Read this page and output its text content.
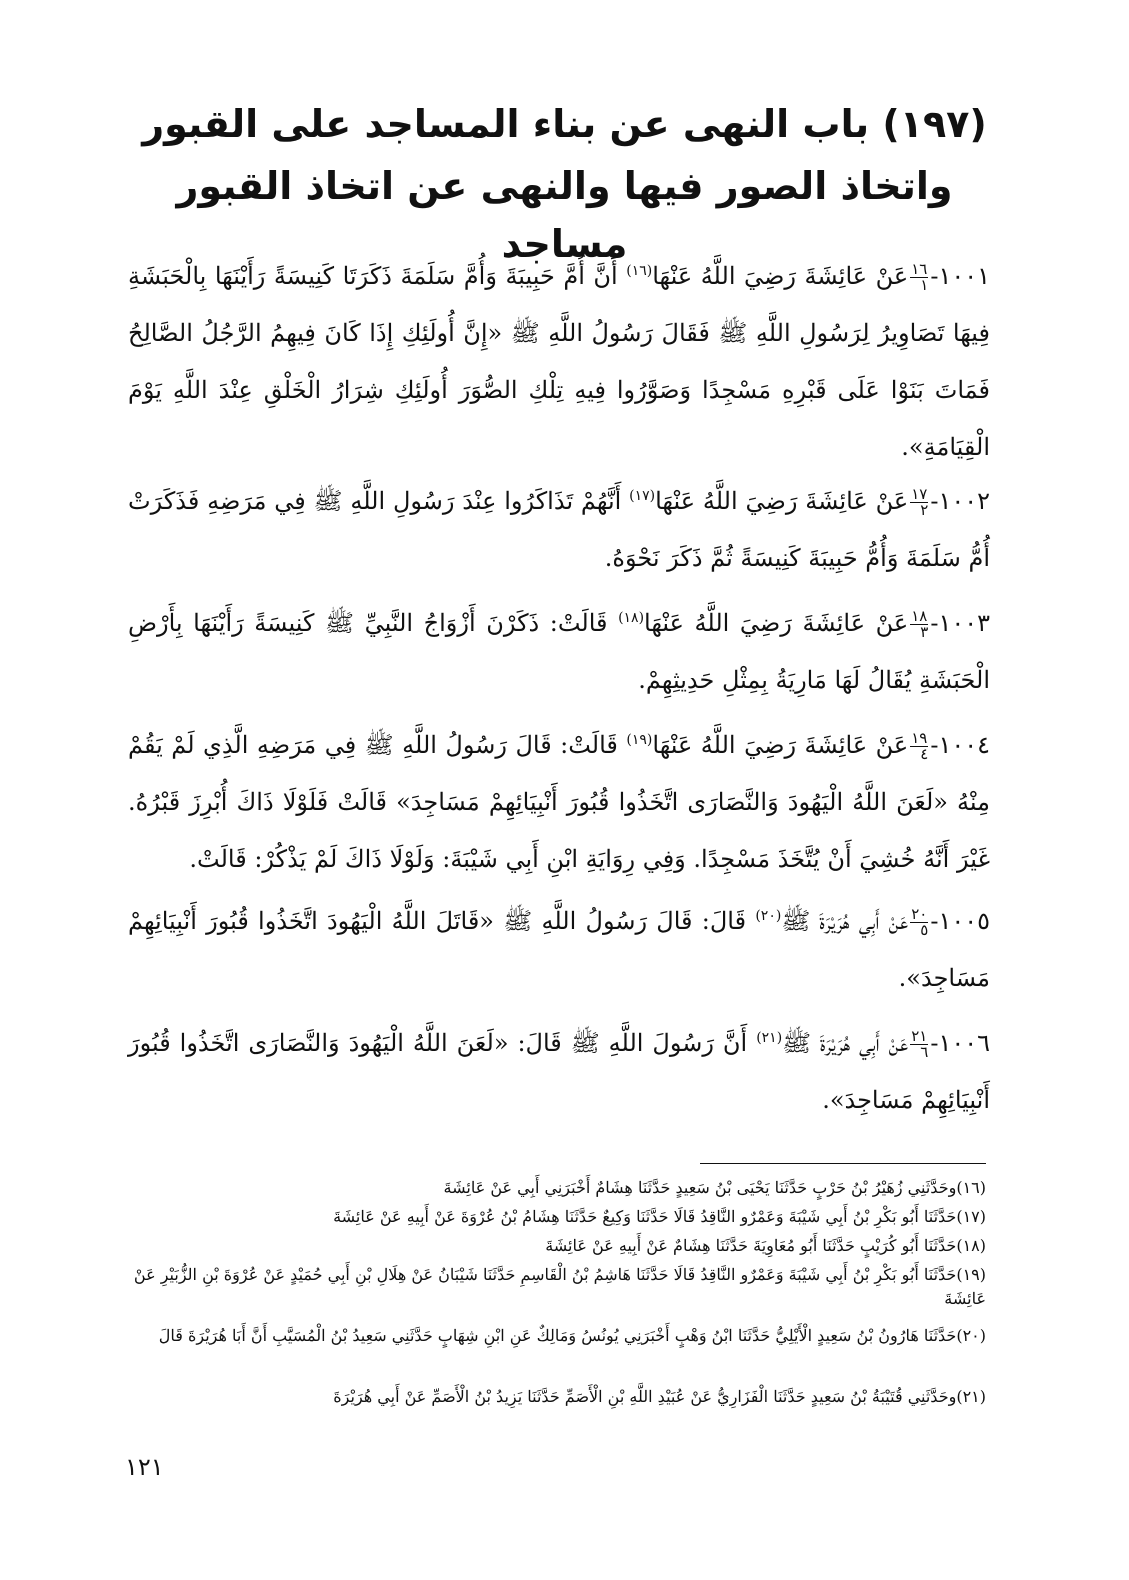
(١٩٧) باب النهى عن بناء المساجد على القبور
واتخاذ الصور فيها والنهى عن اتخاذ القبور مساجد
١٠٠١-
$\frac{١٦}{١}$
عَنْ عَائِشَةَ رَضِيَ اللَّهُ عَنْهَا$^{(١٦)}$ أَنَّ أُمَّ حَبِيبَةَ وَأُمَّ سَلَمَةَ ذَكَرَتَا كَنِيسَةً رَأَيْنَهَا بِالْحَبَشَةِ فِيهَا تَصَاوِيرُ لِرَسُولِ اللَّهِ ﷺ فَقَالَ رَسُولُ اللَّهِ ﷺ «إِنَّ أُولَئِكِ إِذَا كَانَ فِيهِمُ الرَّجُلُ الصَّالِحُ فَمَاتَ بَنَوْا عَلَى قَبْرِهِ مَسْجِدًا وَصَوَّرُوا فِيهِ تِلْكِ الصُّوَرَ أُولَئِكِ شِرَارُ الْخَلْقِ عِنْدَ اللَّهِ يَوْمَ الْقِيَامَةِ».
١٠٠٢-
$\frac{١٧}{٢}$
عَنْ عَائِشَةَ رَضِيَ اللَّهُ عَنْهَا$^{(١٧)}$ أَنَّهُمْ تَذَاكَرُوا عِنْدَ رَسُولِ اللَّهِ ﷺ فِي مَرَضِهِ فَذَكَرَتْ أُمُّ سَلَمَةَ وَأُمُّ حَبِيبَةَ كَنِيسَةً ثُمَّ ذَكَرَ نَحْوَهُ.
١٠٠٣-
$\frac{١٨}{٣}$
عَنْ عَائِشَةَ رَضِيَ اللَّهُ عَنْهَا$^{(١٨)}$ قَالَتْ: ذَكَرْنَ أَزْوَاجُ النَّبِيِّ ﷺ كَنِيسَةً رَأَيْنَهَا بِأَرْضِ الْحَبَشَةِ يُقَالُ لَهَا مَارِيَةُ بِمِثْلِ حَدِيثِهِمْ.
١٠٠٤-
$\frac{١٩}{٤}$
عَنْ عَائِشَةَ رَضِيَ اللَّهُ عَنْهَا$^{(١٩)}$ قَالَتْ: قَالَ رَسُولُ اللَّهِ ﷺ فِي مَرَضِهِ الَّذِي لَمْ يَقُمْ مِنْهُ «لَعَنَ اللَّهُ الْيَهُودَ وَالنَّصَارَى اتَّخَذُوا قُبُورَ أَنْبِيَائِهِمْ مَسَاجِدَ» قَالَتْ فَلَوْلَا ذَاكَ أُبْرِزَ قَبْرُهُ. غَيْرَ أَنَّهُ خُشِيَ أَنْ يُتَّخَذَ مَسْجِدًا. وَفِي رِوَايَةِ ابْنِ أَبِي شَيْبَةَ: وَلَوْلَا ذَاكَ لَمْ يَذْكُرْ: قَالَتْ.
١٠٠٥-
$\frac{٢٠}{٥}$
عَنْ أَبِي هُرَيْرَةَ ﷺ$^{(٢٠)}$ قَالَ: قَالَ رَسُولُ اللَّهِ ﷺ «قَاتَلَ اللَّهُ الْيَهُودَ اتَّخَذُوا قُبُورَ أَنْبِيَائِهِمْ مَسَاجِدَ».
١٠٠٦-
$\frac{٢١}{٦}$
عَنْ أَبِي هُرَيْرَةَ ﷺ$^{(٢١)}$ أَنَّ رَسُولَ اللَّهِ ﷺ قَالَ: «لَعَنَ اللَّهُ الْيَهُودَ وَالنَّصَارَى اتَّخَذُوا قُبُورَ أَنْبِيَائِهِمْ مَسَاجِدَ».
(١٦)وحَدَّثَنِي زُهَيْرُ بْنُ حَرْبٍ حَدَّثَنَا يَحْيَى بْنُ سَعِيدٍ حَدَّثَنَا هِشَامٌ أَخْبَرَنِي أَبِي عَنْ عَائِشَةَ
(١٧)حَدَّثَنَا أَبُو بَكْرِ بْنُ أَبِي شَيْبَةَ وَعَمْرٌو النَّاقِدُ قَالَا حَدَّثَنَا وَكِيعٌ حَدَّثَنَا هِشَامُ بْنُ عُرْوَةَ عَنْ أَبِيهِ عَنْ عَائِشَةَ
(١٨)حَدَّثَنَا أَبُو كُرَيْبٍ حَدَّثَنَا أَبُو مُعَاوِيَةَ حَدَّثَنَا هِشَامٌ عَنْ أَبِيهِ عَنْ عَائِشَةَ
(١٩)حَدَّثَنَا أَبُو بَكْرِ بْنُ أَبِي شَيْبَةَ وَعَمْرٌو النَّاقِدُ قَالَا حَدَّثَنَا هَاشِمُ بْنُ الْقَاسِمِ حَدَّثَنَا شَيْبَانُ عَنْ هِلَالِ بْنِ أَبِي حُمَيْدٍ عَنْ عُرْوَةَ بْنِ الزُّبَيْرِ عَنْ عَائِشَةَ
(٢٠)حَدَّثَنَا هَارُونُ بْنُ سَعِيدٍ الْأَيْلِيُّ حَدَّثَنَا ابْنُ وَهْبٍ أَخْبَرَنِي يُونُسُ وَمَالِكٌ عَنِ ابْنِ شِهَابٍ حَدَّثَنِي سَعِيدُ بْنُ الْمُسَيَّبِ أَنَّ أَبَا هُرَيْرَةَ قَالَ
(٢١)وحَدَّثَنِي قُتَيْبَةُ بْنُ سَعِيدٍ حَدَّثَنَا الْفَزَارِيُّ عَنْ عُبَيْدِ اللَّهِ بْنِ الْأَصَمِّ حَدَّثَنَا يَزِيدُ بْنُ الْأَصَمِّ عَنْ أَبِي هُرَيْرَةَ
١٢١
